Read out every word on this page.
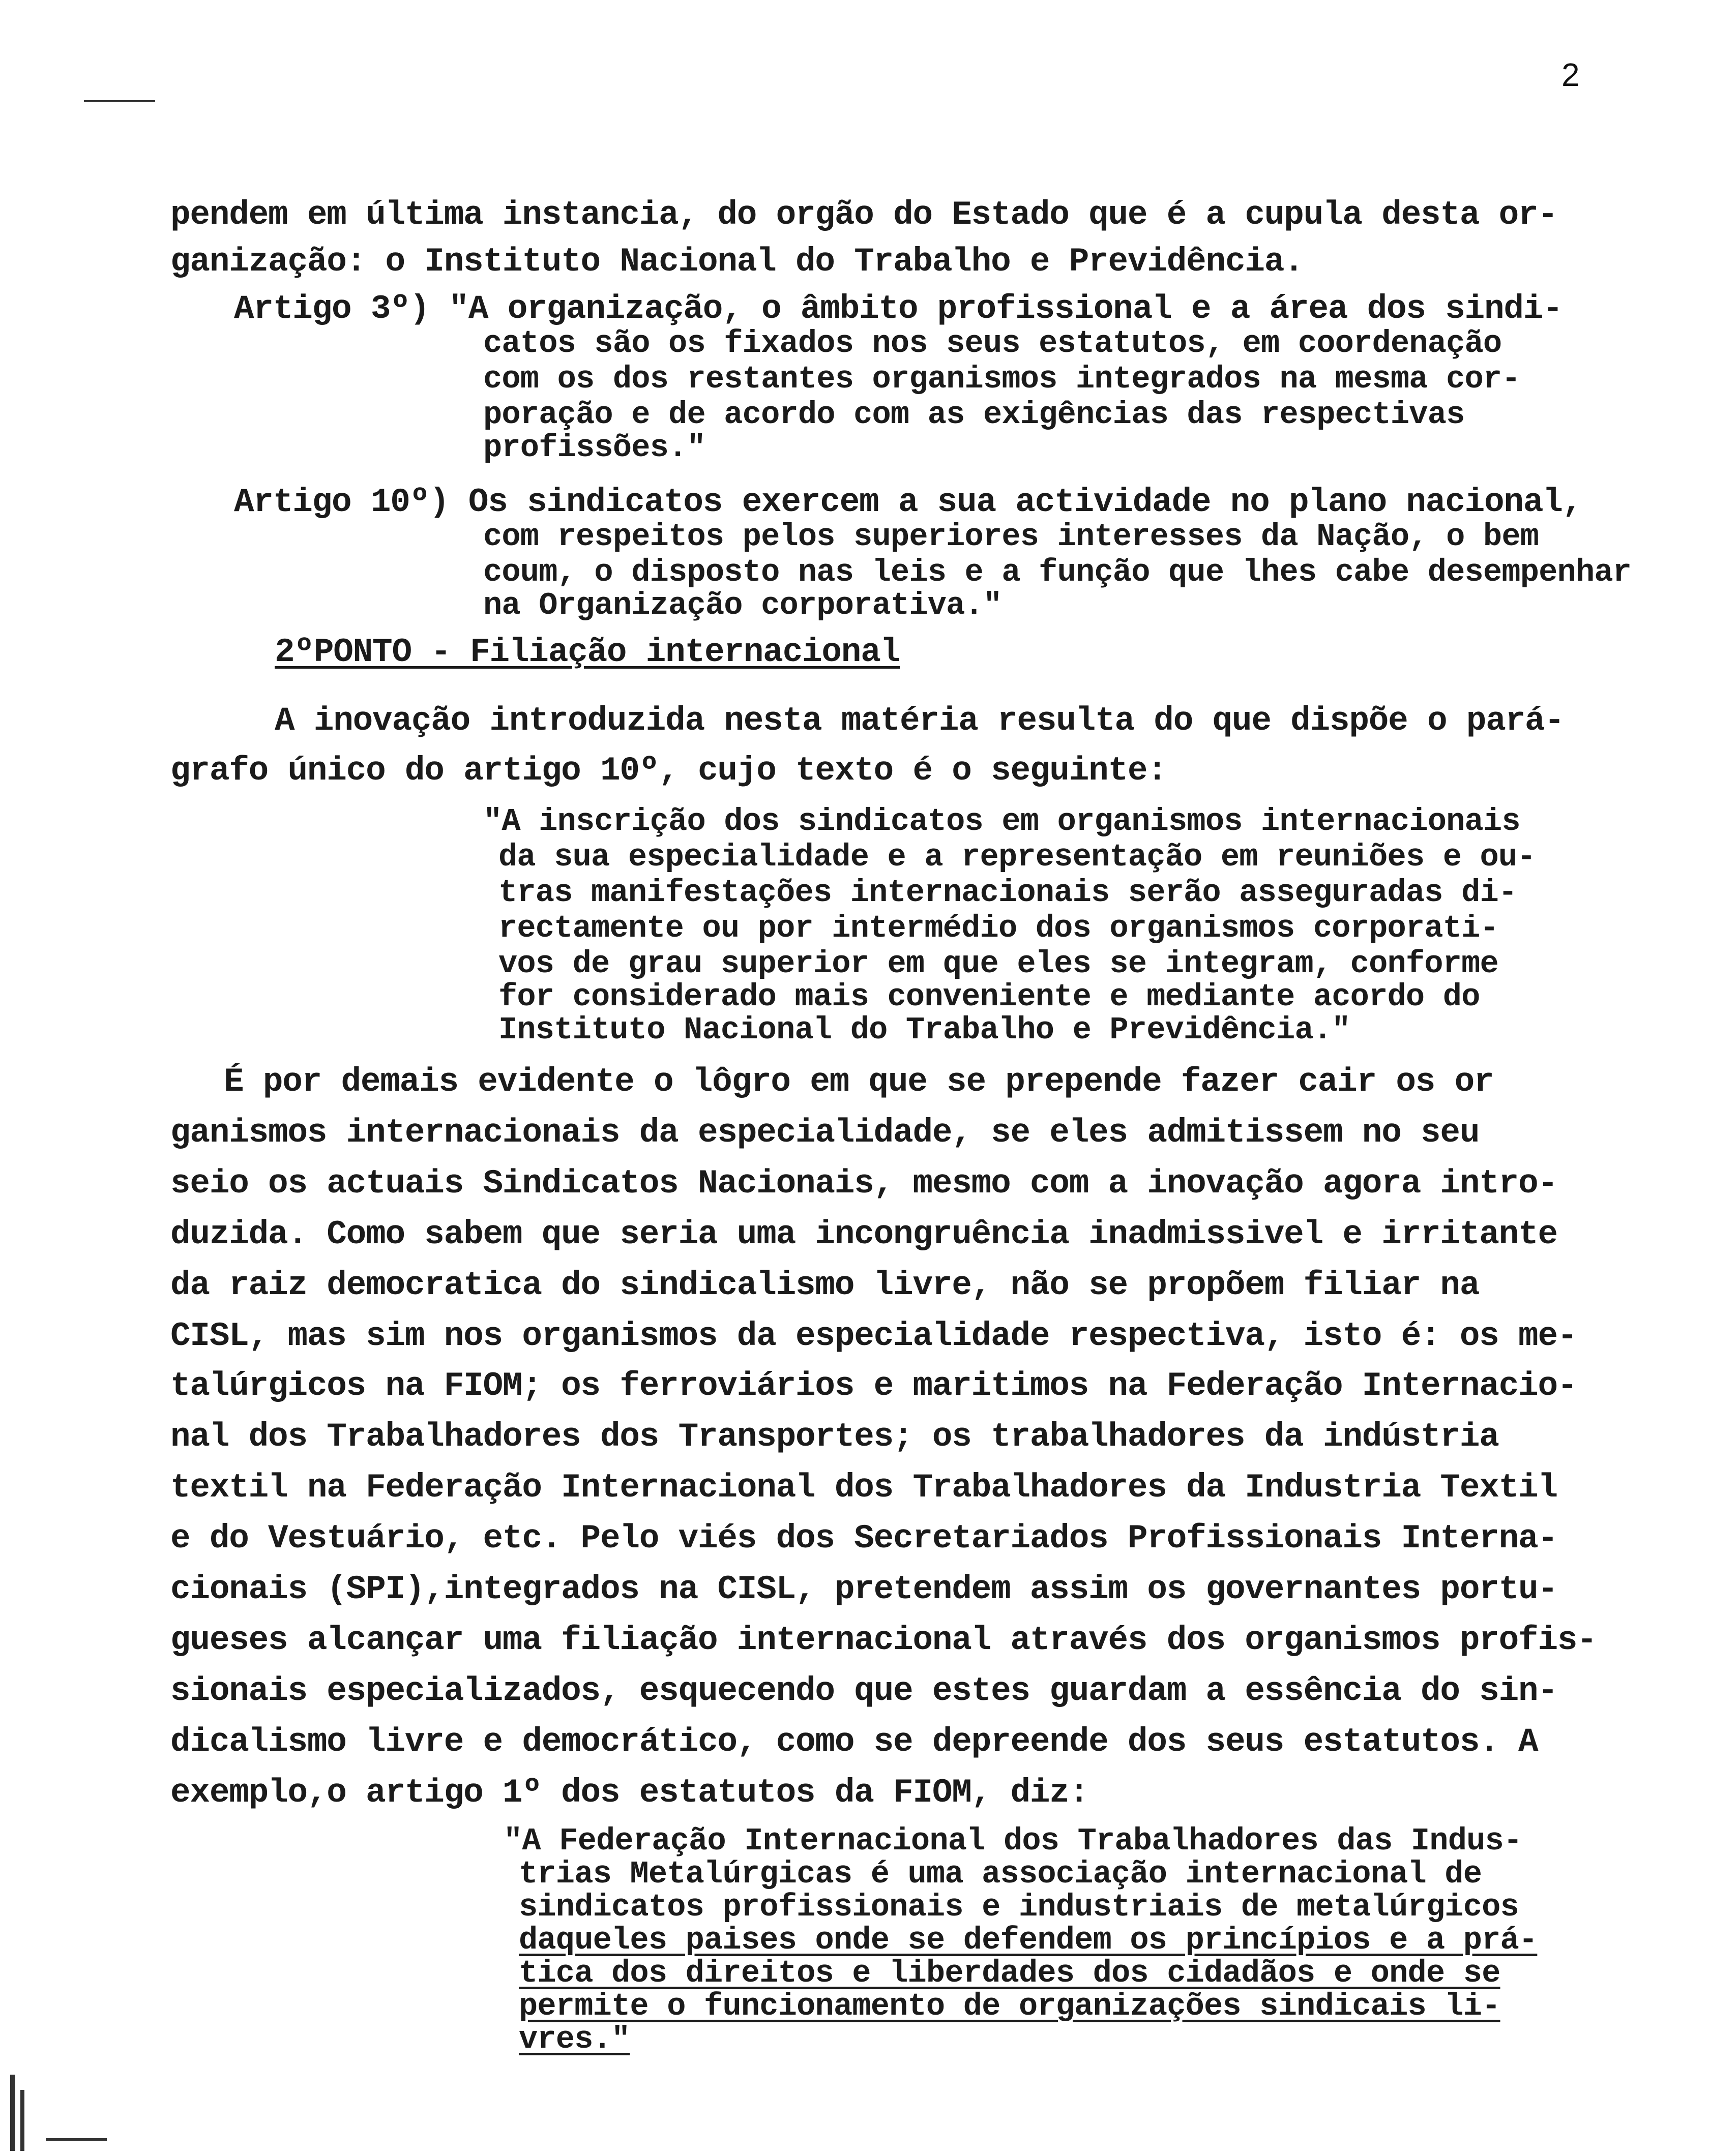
2
pendem em última instancia, do orgão do Estado que é a cupula desta or-
ganização: o Instituto Nacional do Trabalho e Previdência.
Artigo 3º) "A organização, o âmbito profissional e a área dos sindi-
catos são os fixados nos seus estatutos, em coordenação
com os dos restantes organismos integrados na mesma cor-
poração e de acordo com as exigências das respectivas
profissões."
Artigo 10º) Os sindicatos exercem a sua actividade no plano nacional,
com respeitos pelos superiores interesses da Nação, o bem
coum, o disposto nas leis e a função que lhes cabe desempenhar
na Organização corporativa."
2ºPONTO - Filiação internacional
A inovação introduzida nesta matéria resulta do que dispõe o pará-
grafo único do artigo 10º, cujo texto é o seguinte:
"A inscrição dos sindicatos em organismos internacionais
da sua especialidade e a representação em reuniões e ou-
tras manifestações internacionais serão asseguradas di-
rectamente ou por intermédio dos organismos corporati-
vos de grau superior em que eles se integram, conforme
for considerado mais conveniente e mediante acordo do
Instituto Nacional do Trabalho e Previdência."
É por demais evidente o lôgro em que se prepende fazer cair os or
ganismos internacionais da especialidade, se eles admitissem no seu
seio os actuais Sindicatos Nacionais, mesmo com a inovação agora intro-
duzida. Como sabem que seria uma incongruência inadmissivel e irritante
da raiz democratica do sindicalismo livre, não se propõem filiar na
CISL, mas sim nos organismos da especialidade respectiva, isto é: os me-
talúrgicos na FIOM; os ferroviários e maritimos na Federação Internacio-
nal dos Trabalhadores dos Transportes; os trabalhadores da indústria
textil na Federação Internacional dos Trabalhadores da Industria Textil
e do Vestuário, etc. Pelo viés dos Secretariados Profissionais Interna-
cionais (SPI),integrados na CISL, pretendem assim os governantes portu-
gueses alcançar uma filiação internacional através dos organismos profis-
sionais especializados, esquecendo que estes guardam a essência do sin-
dicalismo livre e democrático, como se depreende dos seus estatutos. A
exemplo,o artigo 1º dos estatutos da FIOM, diz:
"A Federação Internacional dos Trabalhadores das Indus-
trias Metalúrgicas é uma associação internacional de
sindicatos profissionais e industriais de metalúrgicos
daqueles paises onde se defendem os princípios e a prá-
tica dos direitos e liberdades dos cidadãos e onde se
permite o funcionamento de organizações sindicais li-
vres."
